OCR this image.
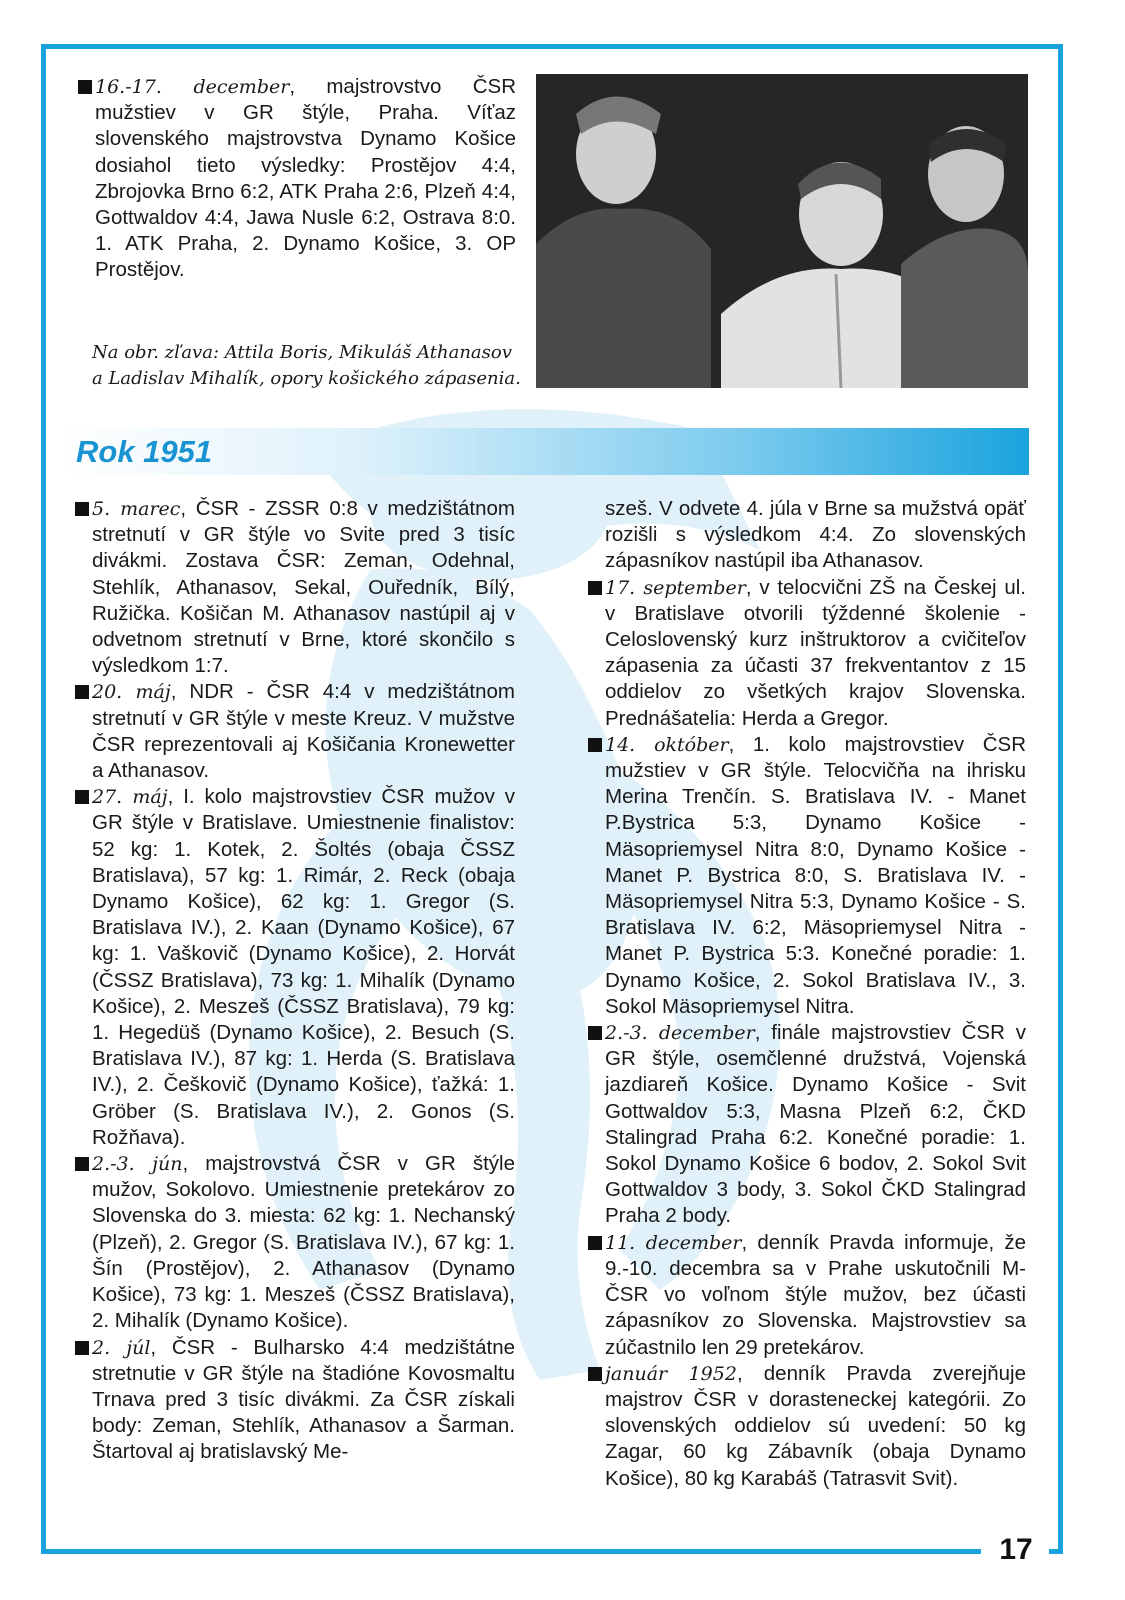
17

16.-17. december, majstrovstvo ČSR mužstiev v GR štýle, Praha. Víťaz slovenského majstrovstva Dynamo Košice dosiahol tieto výsledky: Prostějov 4:4, Zbrojovka Brno 6:2, ATK Praha 2:6, Plzeň 4:4, Gottwaldov 4:4, Jawa Nusle 6:2, Ostrava 8:0. 1. ATK Praha, 2. Dynamo Košice, 3. OP Prostějov.

Na obr. zľava: Attila Boris, Mikuláš Athanasov a Ladislav Mihalík, opory košického zápasenia.
Rok 1951

5. marec, ČSR - ZSSR 0:8 v medzištátnom stretnutí v GR štýle vo Svite pred 3 tisíc divákmi. Zostava ČSR: Zeman, Odehnal, Stehlík, Athanasov, Sekal, Ouředník, Bílý, Ružička. Košičan M. Athanasov nastúpil aj v odvetnom stretnutí v Brne, ktoré skončilo s výsledkom 1:7.

20. máj, NDR - ČSR 4:4 v medzištátnom stretnutí v GR štýle v meste Kreuz. V mužstve ČSR reprezentovali aj Košičania Kronewetter a Athanasov.

27. máj, I. kolo majstrovstiev ČSR mužov v GR štýle v Bratislave. Umiestnenie finalistov: 52 kg: 1. Kotek, 2. Šoltés (obaja ČSSZ Bratislava), 57 kg: 1. Rimár, 2. Reck (obaja Dynamo Košice), 62 kg: 1. Gregor (S. Bratislava IV.), 2. Kaan (Dynamo Košice), 67 kg: 1. Vaškovič (Dynamo Košice), 2. Horvát (ČSSZ Bratislava), 73 kg: 1. Mihalík (Dynamo Košice), 2. Meszeš (ČSSZ Bratislava), 79 kg: 1. Hegedüš (Dynamo Košice), 2. Besuch (S. Bratislava IV.), 87 kg: 1. Herda (S. Bratislava IV.), 2. Češkovič (Dynamo Košice), ťažká: 1. Gröber (S. Bratislava IV.), 2. Gonos (S. Rožňava).

2.-3. jún, majstrovstvá ČSR v GR štýle mužov, Sokolovo. Umiestnenie pretekárov zo Slovenska do 3. miesta: 62 kg: 1. Nechanský (Plzeň), 2. Gregor (S. Bratislava IV.), 67 kg: 1. Šín (Prostějov), 2. Athanasov (Dynamo Košice), 73 kg: 1. Meszeš (ČSSZ Bratislava), 2. Mihalík (Dynamo Košice).

2. júl, ČSR - Bulharsko 4:4 medzištátne stretnutie v GR štýle na štadióne Kovosmaltu Trnava pred 3 tisíc divákmi. Za ČSR získali body: Zeman, Stehlík, Athanasov a Šarman. Štartoval aj bratislavský Me-

szeš. V odvete 4. júla v Brne sa mužstvá opäť rozišli s výsledkom 4:4. Zo slovenských zápasníkov nastúpil iba Athanasov.

17. september, v telocvični ZŠ na Českej ul. v Bratislave otvorili týždenné školenie - Celoslovenský kurz inštruktorov a cvičiteľov zápasenia za účasti 37 frekventantov z 15 oddielov zo všetkých krajov Slovenska. Prednášatelia: Herda a Gregor.

14. október, 1. kolo majstrovstiev ČSR mužstiev v GR štýle. Telocvičňa na ihrisku Merina Trenčín. S. Bratislava IV. - Manet P.Bystrica 5:3, Dynamo Košice - Mäsopriemysel Nitra 8:0, Dynamo Košice - Manet P. Bystrica 8:0, S. Bratislava IV. - Mäsopriemysel Nitra 5:3, Dynamo Košice - S. Bratislava IV. 6:2, Mäsopriemysel Nitra - Manet P. Bystrica 5:3. Konečné poradie: 1. Dynamo Košice, 2. Sokol Bratislava IV., 3. Sokol Mäsopriemysel Nitra.

2.-3. december, finále majstrovstiev ČSR v GR štýle, osemčlenné družstvá, Vojenská jazdiareň Košice. Dynamo Košice - Svit Gottwaldov 5:3, Masna Plzeň 6:2, ČKD Stalingrad Praha 6:2. Konečné poradie: 1. Sokol Dynamo Košice 6 bodov, 2. Sokol Svit Gottwaldov 3 body, 3. Sokol ČKD Stalingrad Praha 2 body.

11. december, denník Pravda informuje, že 9.-10. decembra sa v Prahe uskutočnili M-ČSR vo voľnom štýle mužov, bez účasti zápasníkov zo Slovenska. Majstrovstiev sa zúčastnilo len 29 pretekárov.

január 1952, denník Pravda zverejňuje majstrov ČSR v dorasteneckej kategórii. Zo slovenských oddielov sú uvedení: 50 kg Zagar, 60 kg Zábavník (obaja Dynamo Košice), 80 kg Karabáš (Tatrasvit Svit).
